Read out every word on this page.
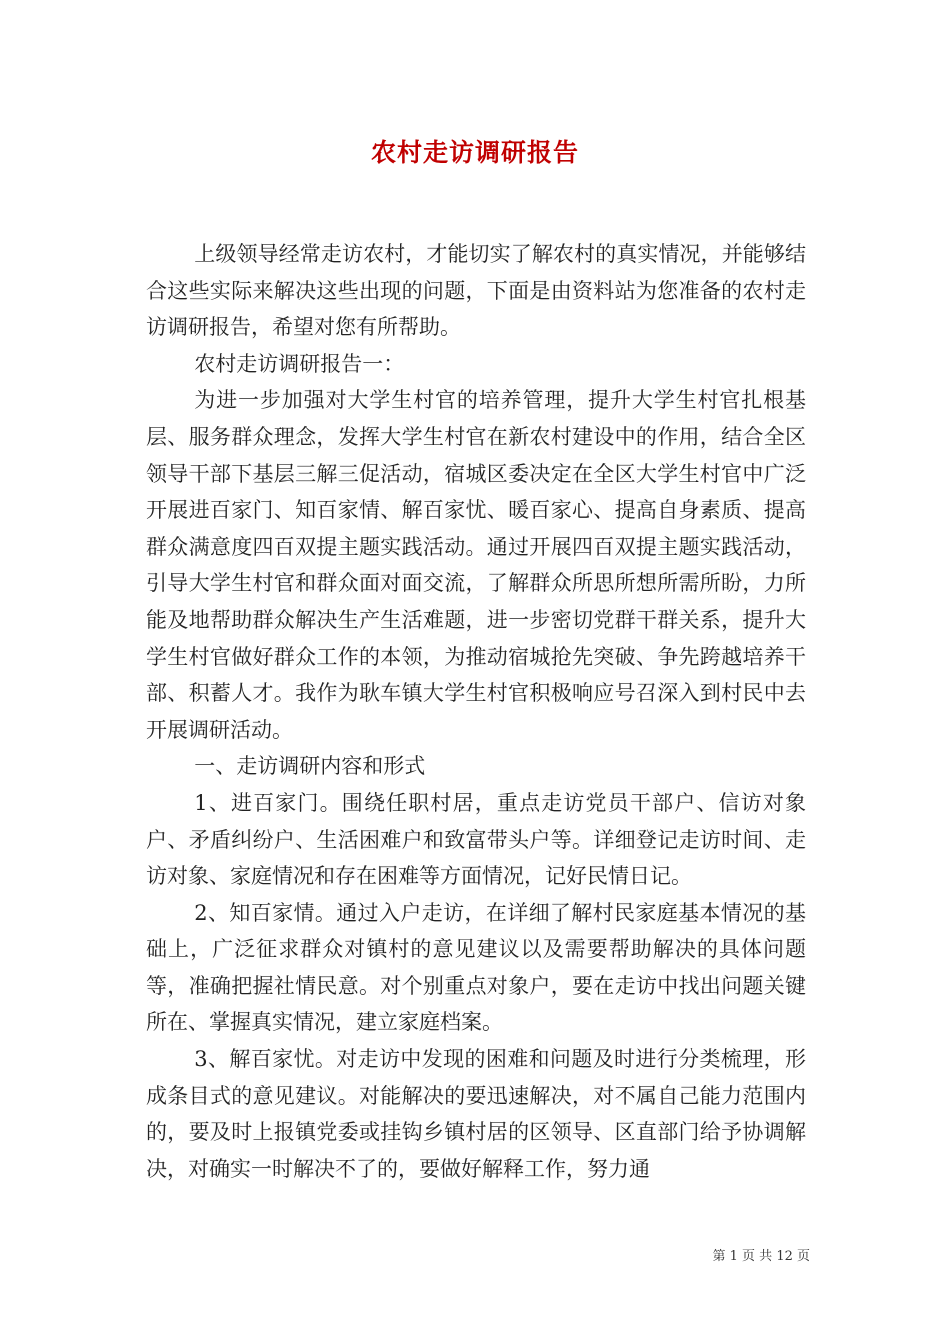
农村走访调研报告

上级领导经常走访农村，才能切实了解农村的真实情况，并能够结合这些实际来解决这些出现的问题，下面是由资料站为您准备的农村走访调研报告，希望对您有所帮助。

农村走访调研报告一：

为进一步加强对大学生村官的培养管理，提升大学生村官扎根基层、服务群众理念，发挥大学生村官在新农村建设中的作用，结合全区领导干部下基层三解三促活动，宿城区委决定在全区大学生村官中广泛开展进百家门、知百家情、解百家忧、暖百家心、提高自身素质、提高群众满意度四百双提主题实践活动。通过开展四百双提主题实践活动，引导大学生村官和群众面对面交流，了解群众所思所想所需所盼，力所能及地帮助群众解决生产生活难题，进一步密切党群干群关系，提升大学生村官做好群众工作的本领，为推动宿城抢先突破、争先跨越培养干部、积蓄人才。我作为耿车镇大学生村官积极响应号召深入到村民中去开展调研活动。

一、走访调研内容和形式

1、进百家门。围绕任职村居，重点走访党员干部户、信访对象户、矛盾纠纷户、生活困难户和致富带头户等。详细登记走访时间、走访对象、家庭情况和存在困难等方面情况，记好民情日记。

2、知百家情。通过入户走访，在详细了解村民家庭基本情况的基础上，广泛征求群众对镇村的意见建议以及需要帮助解决的具体问题等，准确把握社情民意。对个别重点对象户，要在走访中找出问题关键所在、掌握真实情况，建立家庭档案。

3、解百家忧。对走访中发现的困难和问题及时进行分类梳理，形成条目式的意见建议。对能解决的要迅速解决，对不属自己能力范围内的，要及时上报镇党委或挂钩乡镇村居的区领导、区直部门给予协调解决，对确实一时解决不了的，要做好解释工作，努力通

第 1 页 共 12 页
